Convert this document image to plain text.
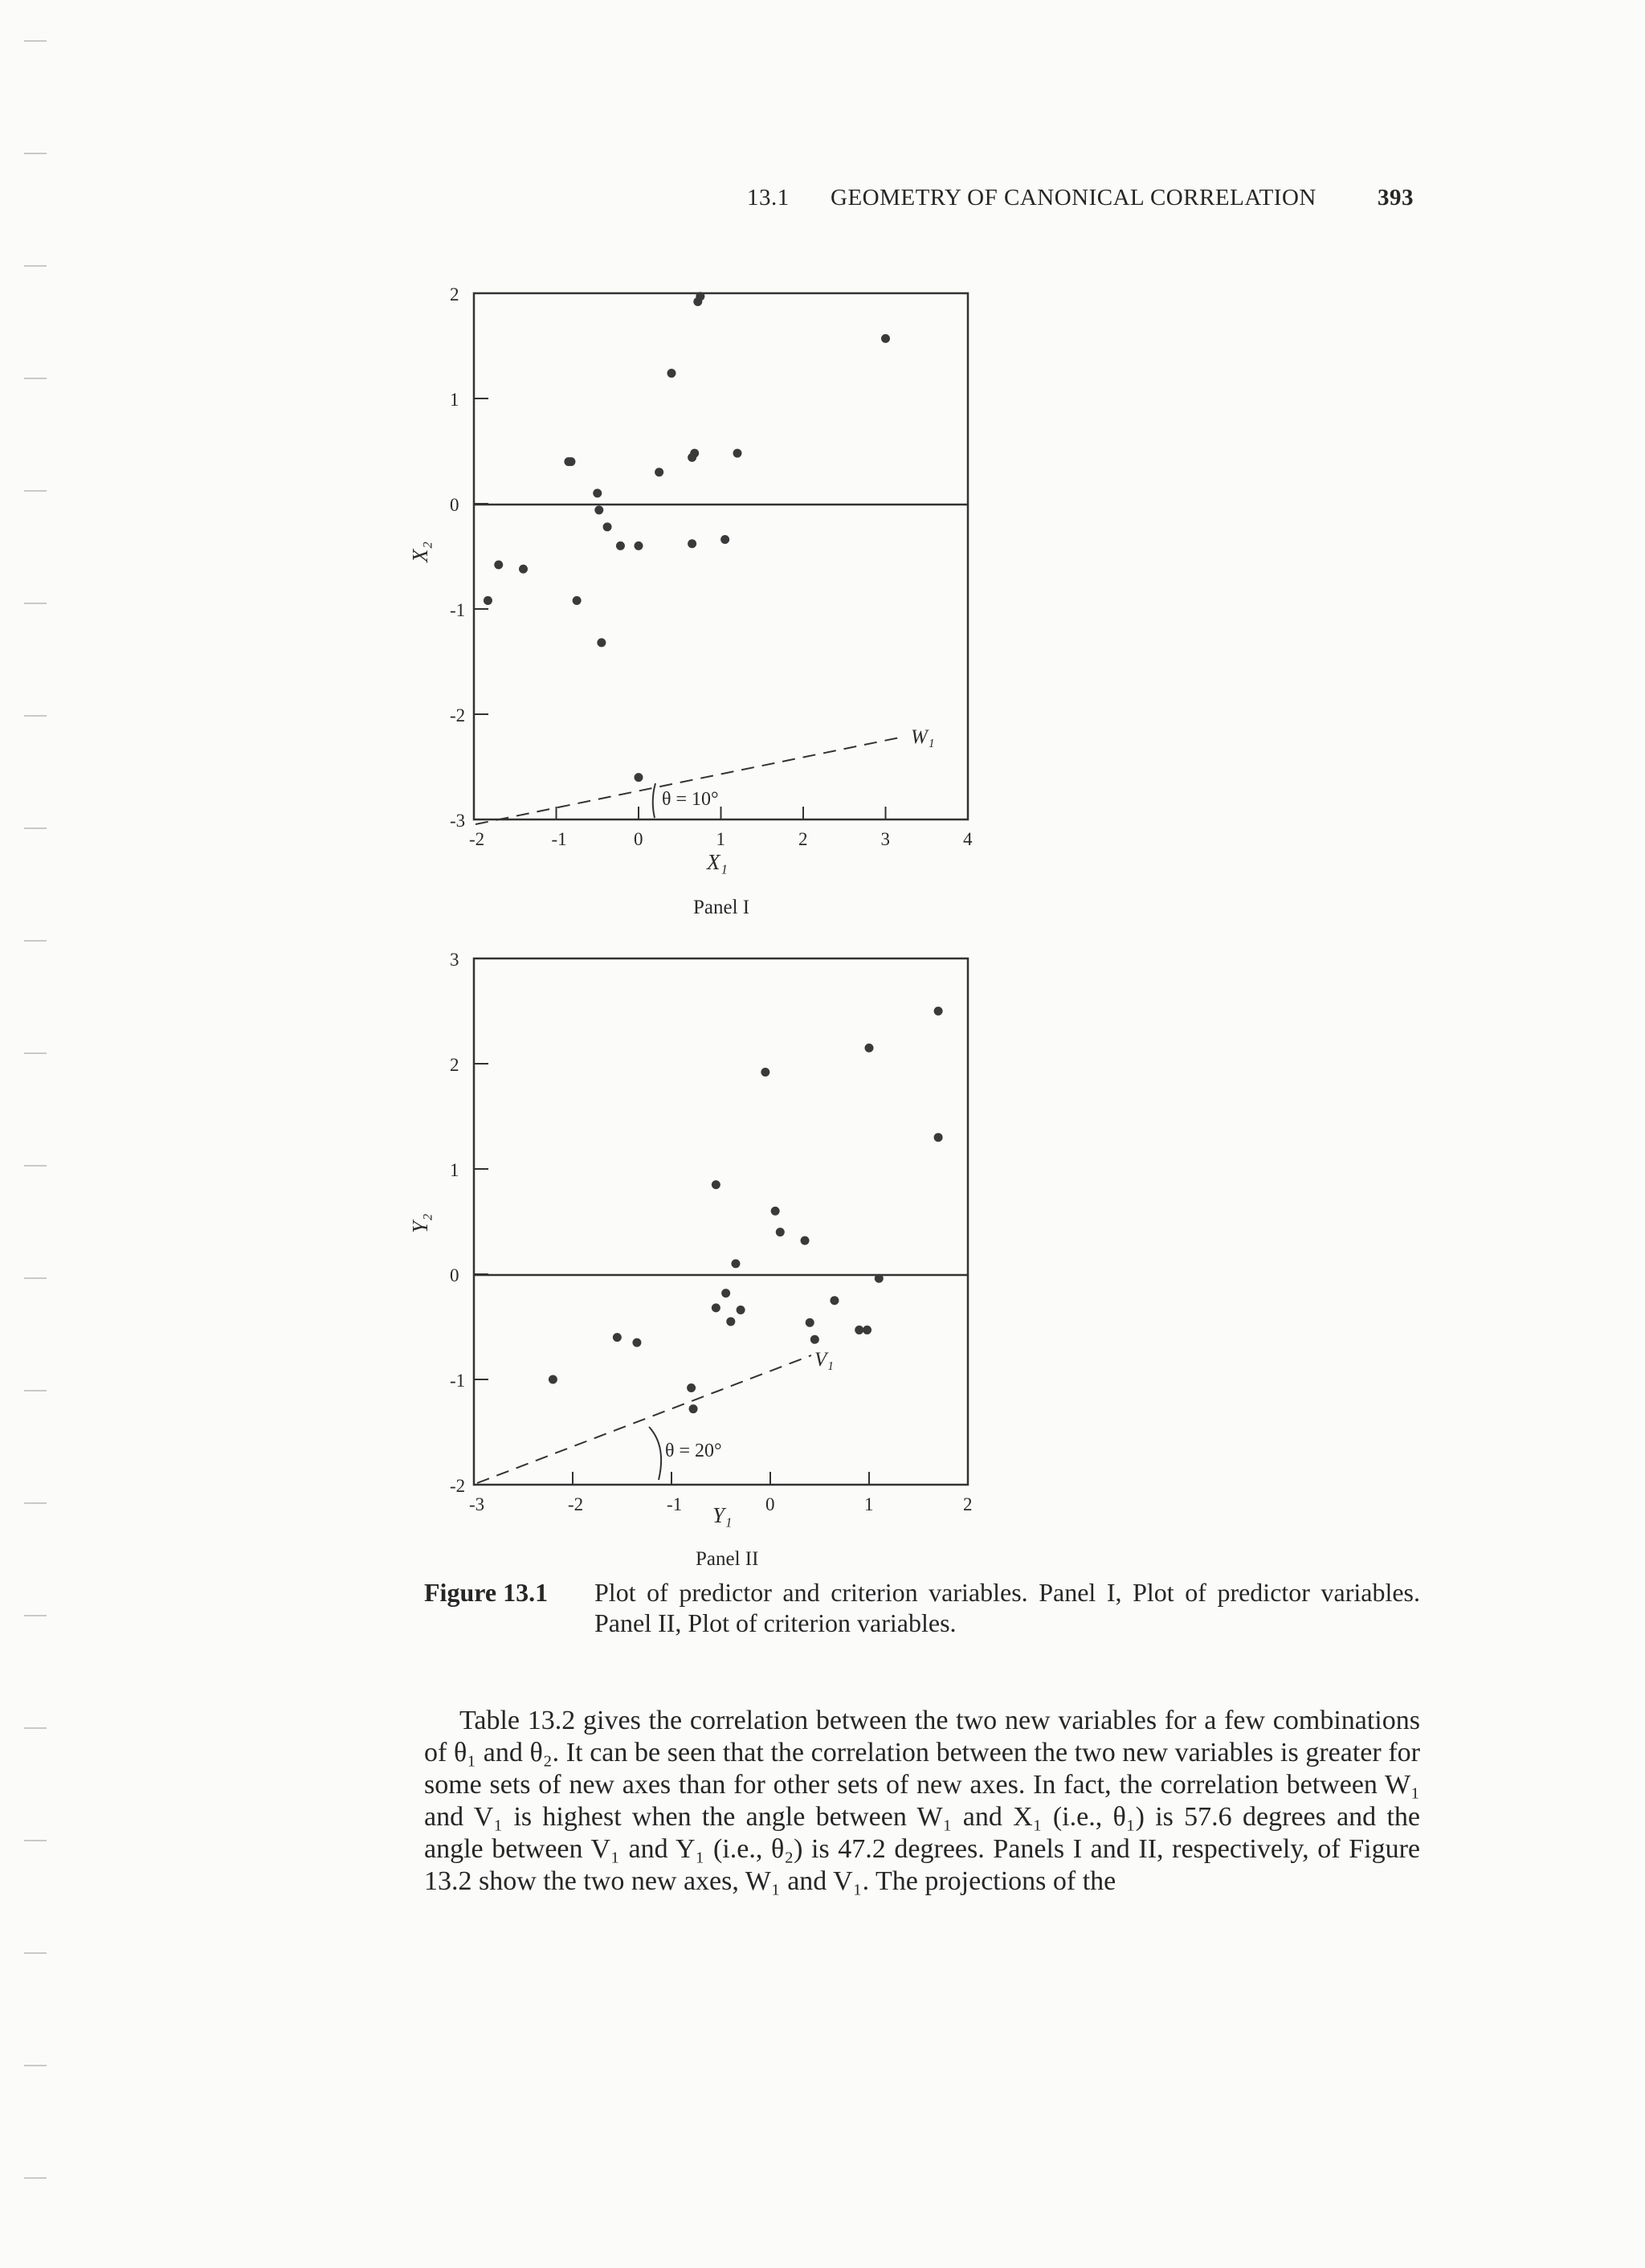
13.1 GEOMETRY OF CANONICAL CORRELATION	393
-2	-1	0	1	2	3	4
-3
-2
-1
0
1
2
θ = 10°
W₁
X₁
X₂
Panel I
-3	-2	-1	0	1	2
-2
-1
0
1
2
3
θ = 20°
V₁
Y₁
Y₂
Panel II
Figure 13.1 Plot of predictor and criterion variables. Panel I, Plot of predictor variables. Panel II, Plot of criterion variables.
Table 13.2 gives the correlation between the two new variables for a few combinations of θ₁ and θ₂. It can be seen that the correlation between the two new variables is greater for some sets of new axes than for other sets of new axes. In fact, the correlation between W₁ and V₁ is highest when the angle between W₁ and X₁ (i.e., θ₁) is 57.6 degrees and the angle between V₁ and Y₁ (i.e., θ₂) is 47.2 degrees. Panels I and II, respectively, of Figure 13.2 show the two new axes, W₁ and V₁. The projections of the
